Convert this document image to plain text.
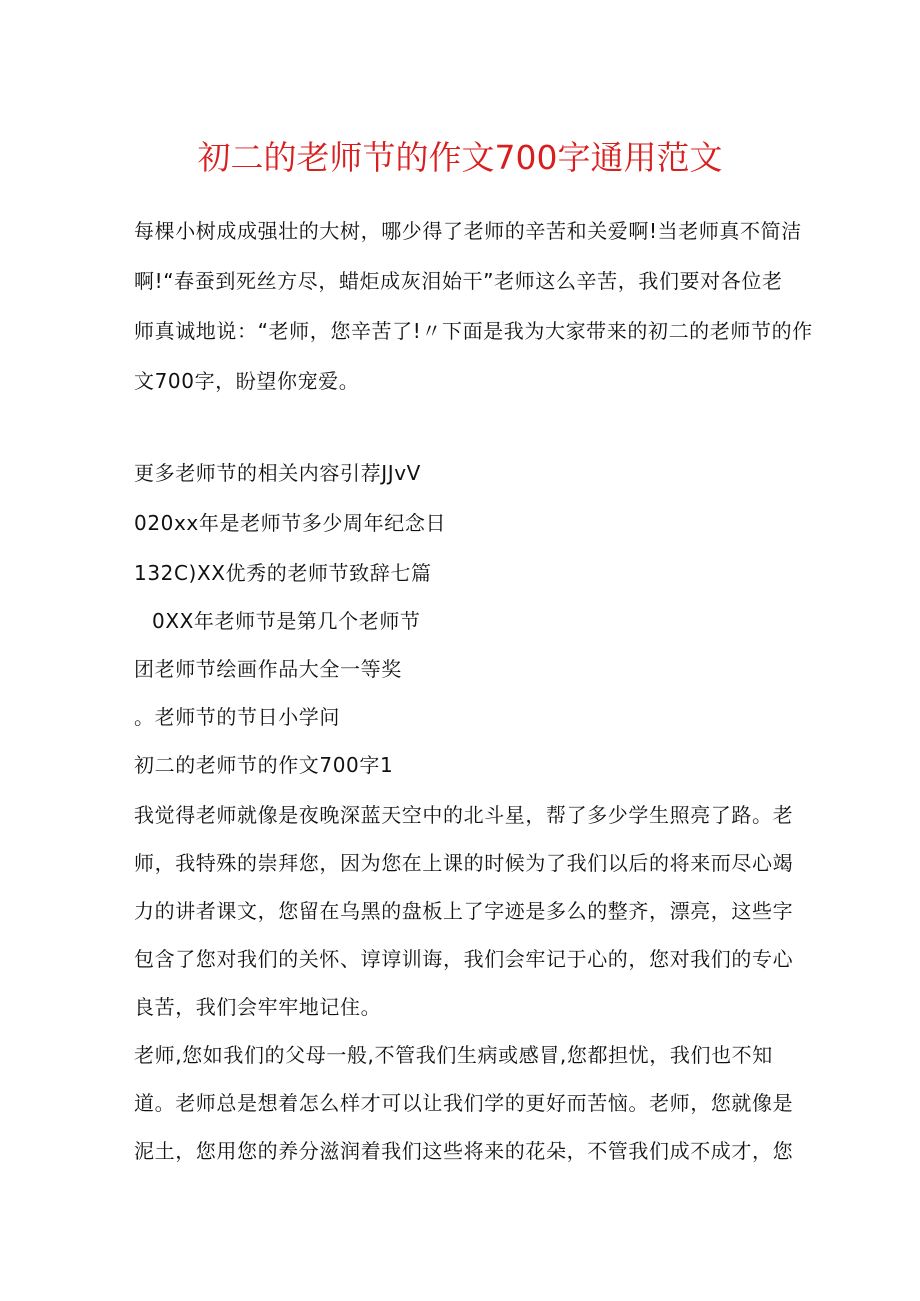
初二的老师节的作文700字通用范文
每棵小树成成强壮的大树，哪少得了老师的辛苦和关爱啊!当老师真不简洁
啊!“春蚕到死丝方尽，蜡炬成灰泪始干”老师这么辛苦，我们要对各位老
师真诚地说：“老师，您辛苦了!〃下面是我为大家带来的初二的老师节的作
文700字，盼望你宠爱。
更多老师节的相关内容引荐JJvV
020xx年是老师节多少周年纪念日
132C)XX优秀的老师节致辞七篇
0XX年老师节是第几个老师节
团老师节绘画作品大全一等奖
。老师节的节日小学问
初二的老师节的作文700字1
我觉得老师就像是夜晚深蓝天空中的北斗星，帮了多少学生照亮了路。老
师，我特殊的崇拜您，因为您在上课的时候为了我们以后的将来而尽心竭
力的讲者课文，您留在乌黑的盘板上了字迹是多么的整齐，漂亮，这些字
包含了您对我们的关怀、谆谆训诲，我们会牢记于心的，您对我们的专心
良苦，我们会牢牢地记住。
老师,您如我们的父母一般,不管我们生病或感冒,您都担忧，我们也不知
道。老师总是想着怎么样才可以让我们学的更好而苦恼。老师，您就像是
泥土，您用您的养分滋润着我们这些将来的花朵，不管我们成不成才，您
